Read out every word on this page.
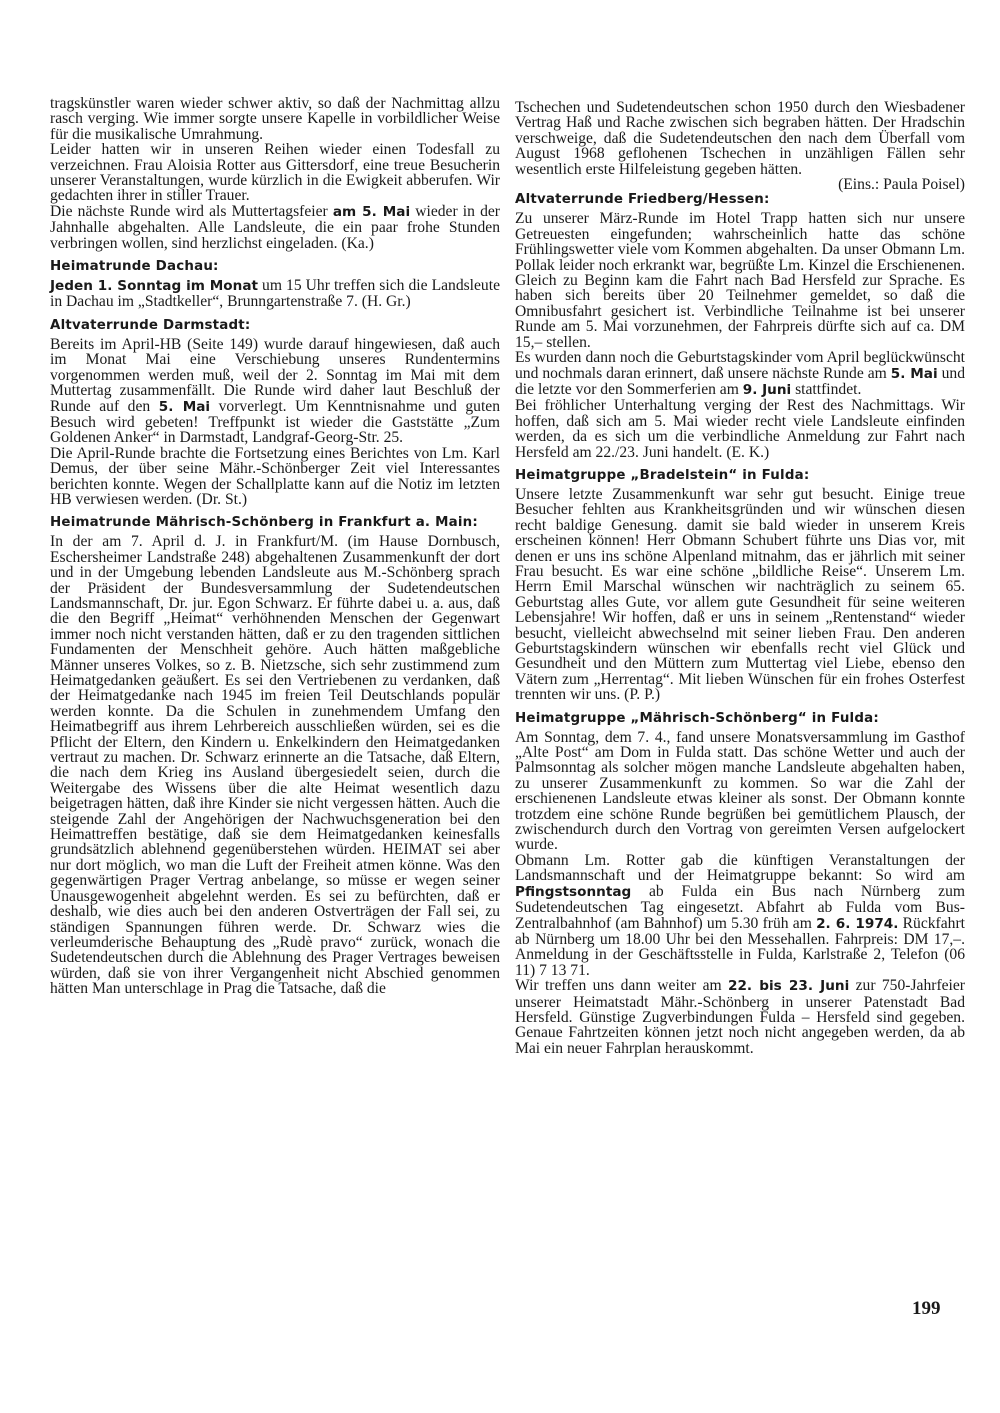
tragskünstler waren wieder schwer aktiv, so daß der Nachmittag allzu rasch verging. Wie immer sorgte unsere Kapelle in vorbildlicher Weise für die musikalische Umrahmung.

Leider hatten wir in unseren Reihen wieder einen Todesfall zu verzeichnen. Frau Aloisia Rotter aus Gittersdorf, eine treue Besucherin unserer Veranstaltungen, wurde kürzlich in die Ewigkeit abberufen. Wir gedachten ihrer in stiller Trauer.

Die nächste Runde wird als Muttertagsfeier am 5. Mai wieder in der Jahnhalle abgehalten. Alle Landsleute, die ein paar frohe Stunden verbringen wollen, sind herzlichst eingeladen. (Ka.)

Heimatrunde Dachau:

Jeden 1. Sonntag im Monat um 15 Uhr treffen sich die Landsleute in Dachau im „Stadtkeller“, Brunngartenstraße 7. (H. Gr.)

Altvaterrunde Darmstadt:

Bereits im April-HB (Seite 149) wurde darauf hingewiesen, daß auch im Monat Mai eine Verschiebung unseres Rundentermins vorgenommen werden muß, weil der 2. Sonntag im Mai mit dem Muttertag zusammenfällt. Die Runde wird daher laut Beschluß der Runde auf den 5. Mai vorverlegt. Um Kenntnisnahme und guten Besuch wird gebeten! Treffpunkt ist wieder die Gaststätte „Zum Goldenen Anker“ in Darmstadt, Landgraf-Georg-Str. 25.

Die April-Runde brachte die Fortsetzung eines Berichtes von Lm. Karl Demus, der über seine Mähr.-Schönberger Zeit viel Interessantes berichten konnte. Wegen der Schallplatte kann auf die Notiz im letzten HB verwiesen werden. (Dr. St.)

Heimatrunde Mährisch-Schönberg in Frankfurt a. Main:

In der am 7. April d. J. in Frankfurt/M. (im Hause Dornbusch, Eschersheimer Landstraße 248) abgehaltenen Zusammenkunft der dort und in der Umgebung lebenden Landsleute aus M.-Schönberg sprach der Präsident der Bundesversammlung der Sudetendeutschen Landsmannschaft, Dr. jur. Egon Schwarz. Er führte dabei u. a. aus, daß die den Begriff „Heimat“ verhöhnenden Menschen der Gegenwart immer noch nicht verstanden hätten, daß er zu den tragenden sittlichen Fundamenten der Menschheit gehöre. Auch hätten maßgebliche Männer unseres Volkes, so z. B. Nietzsche, sich sehr zustimmend zum Heimatgedanken geäußert. Es sei den Vertriebenen zu verdanken, daß der Heimatgedanke nach 1945 im freien Teil Deutschlands populär werden konnte. Da die Schulen in zunehmendem Umfang den Heimatbegriff aus ihrem Lehrbereich ausschließen würden, sei es die Pflicht der Eltern, den Kindern u. Enkelkindern den Heimatgedanken vertraut zu machen. Dr. Schwarz erinnerte an die Tatsache, daß Eltern, die nach dem Krieg ins Ausland übergesiedelt seien, durch die Weitergabe des Wissens über die alte Heimat wesentlich dazu beigetragen hätten, daß ihre Kinder sie nicht vergessen hätten. Auch die steigende Zahl der Angehörigen der Nachwuchsgeneration bei den Heimattreffen bestätige, daß sie dem Heimatgedanken keinesfalls grundsätzlich ablehnend gegenüberstehen würden. HEIMAT sei aber nur dort möglich, wo man die Luft der Freiheit atmen könne. Was den gegenwärtigen Prager Vertrag anbelange, so müsse er wegen seiner Unausgewogenheit abgelehnt werden. Es sei zu befürchten, daß er deshalb, wie dies auch bei den anderen Ostverträgen der Fall sei, zu ständigen Spannungen führen werde. Dr. Schwarz wies die verleumderische Behauptung des „Rudè pravo“ zurück, wonach die Sudetendeutschen durch die Ablehnung des Prager Vertrages beweisen würden, daß sie von ihrer Vergangenheit nicht Abschied genommen hätten Man unterschlage in Prag die Tatsache, daß die

Tschechen und Sudetendeutschen schon 1950 durch den Wiesbadener Vertrag Haß und Rache zwischen sich begraben hätten. Der Hradschin verschweige, daß die Sudetendeutschen den nach dem Überfall vom August 1968 geflohenen Tschechen in unzähligen Fällen sehr wesentlich erste Hilfeleistung gegeben hätten.

(Eins.: Paula Poisel)

Altvaterrunde Friedberg/Hessen:

Zu unserer März-Runde im Hotel Trapp hatten sich nur unsere Getreuesten eingefunden; wahrscheinlich hatte das schöne Frühlingswetter viele vom Kommen abgehalten. Da unser Obmann Lm. Pollak leider noch erkrankt war, begrüßte Lm. Kinzel die Erschienenen. Gleich zu Beginn kam die Fahrt nach Bad Hersfeld zur Sprache. Es haben sich bereits über 20 Teilnehmer gemeldet, so daß die Omnibusfahrt gesichert ist. Verbindliche Teilnahme ist bei unserer Runde am 5. Mai vorzunehmen, der Fahrpreis dürfte sich auf ca. DM 15,– stellen.

Es wurden dann noch die Geburtstagskinder vom April beglückwünscht und nochmals daran erinnert, daß unsere nächste Runde am 5. Mai und die letzte vor den Sommerferien am 9. Juni stattfindet.

Bei fröhlicher Unterhaltung verging der Rest des Nachmittags. Wir hoffen, daß sich am 5. Mai wieder recht viele Landsleute einfinden werden, da es sich um die verbindliche Anmeldung zur Fahrt nach Hersfeld am 22./23. Juni handelt. (E. K.)

Heimatgruppe „Bradelstein“ in Fulda:

Unsere letzte Zusammenkunft war sehr gut besucht. Einige treue Besucher fehlten aus Krankheitsgründen und wir wünschen diesen recht baldige Genesung. damit sie bald wieder in unserem Kreis erscheinen können! Herr Obmann Schubert führte uns Dias vor, mit denen er uns ins schöne Alpenland mitnahm, das er jährlich mit seiner Frau besucht. Es war eine schöne „bildliche Reise“. Unserem Lm. Herrn Emil Marschal wünschen wir nachträglich zu seinem 65. Geburtstag alles Gute, vor allem gute Gesundheit für seine weiteren Lebensjahre! Wir hoffen, daß er uns in seinem „Rentenstand“ wieder besucht, vielleicht abwechselnd mit seiner lieben Frau. Den anderen Geburtstagskindern wünschen wir ebenfalls recht viel Glück und Gesundheit und den Müttern zum Muttertag viel Liebe, ebenso den Vätern zum „Herrentag“. Mit lieben Wünschen für ein frohes Osterfest trennten wir uns. (P. P.)

Heimatgruppe „Mährisch-Schönberg“ in Fulda:

Am Sonntag, dem 7. 4., fand unsere Monatsversammlung im Gasthof „Alte Post“ am Dom in Fulda statt. Das schöne Wetter und auch der Palmsonntag als solcher mögen manche Landsleute abgehalten haben, zu unserer Zusammenkunft zu kommen. So war die Zahl der erschienenen Landsleute etwas kleiner als sonst. Der Obmann konnte trotzdem eine schöne Runde begrüßen bei gemütlichem Plausch, der zwischendurch durch den Vortrag von gereimten Versen aufgelockert wurde.

Obmann Lm. Rotter gab die künftigen Veranstaltungen der Landsmannschaft und der Heimatgruppe bekannt: So wird am Pfingstsonntag ab Fulda ein Bus nach Nürnberg zum Sudetendeutschen Tag eingesetzt. Abfahrt ab Fulda vom Bus-Zentralbahnhof (am Bahnhof) um 5.30 früh am 2. 6. 1974. Rückfahrt ab Nürnberg um 18.00 Uhr bei den Messehallen. Fahrpreis: DM 17,–. Anmeldung in der Geschäftsstelle in Fulda, Karlstraße 2, Telefon (06 11) 7 13 71.

Wir treffen uns dann weiter am 22. bis 23. Juni zur 750-Jahrfeier unserer Heimatstadt Mähr.-Schönberg in unserer Patenstadt Bad Hersfeld. Günstige Zugverbindungen Fulda – Hersfeld sind gegeben. Genaue Fahrtzeiten können jetzt noch nicht angegeben werden, da ab Mai ein neuer Fahrplan herauskommt.

199
